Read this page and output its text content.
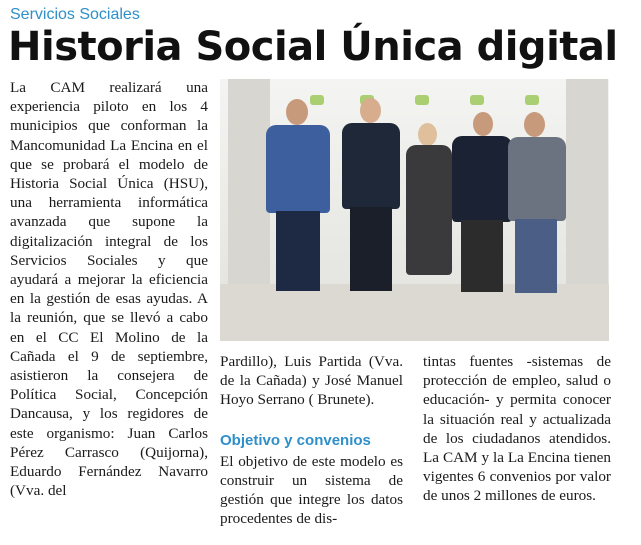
Servicios Sociales
Historia Social Única digital
La CAM realizará una experiencia piloto en los 4 municipios que conforman la Mancomunidad La Encina en el que se probará el modelo de Historia Social Única (HSU), una herramienta informática avanzada que supone la digitalización integral de los Servicios Sociales y que ayudará a mejorar la eficiencia en la gestión de esas ayudas. A la reunión, que se llevó a cabo en el CC El Molino de la Cañada el 9 de septiembre, asistieron la consejera de Política Social, Concepción Dancausa, y los regidores de este organismo: Juan Carlos Pérez Carrasco (Quijorna), Eduardo Fernández Navarro (Vva. del
Pardillo), Luis Partida (Vva. de la Cañada) y José Manuel Hoyo Serrano ( Brunete).
Objetivo y convenios
El objetivo de este modelo es construir un sistema de gestión que integre los datos procedentes de dis-
tintas fuentes -sistemas de protección de empleo, salud o educación- y permita conocer la situación real y actualizada de los ciudadanos atendidos. La CAM y la La Encina tienen vigentes 6 convenios por valor de unos 2 millones de euros.
